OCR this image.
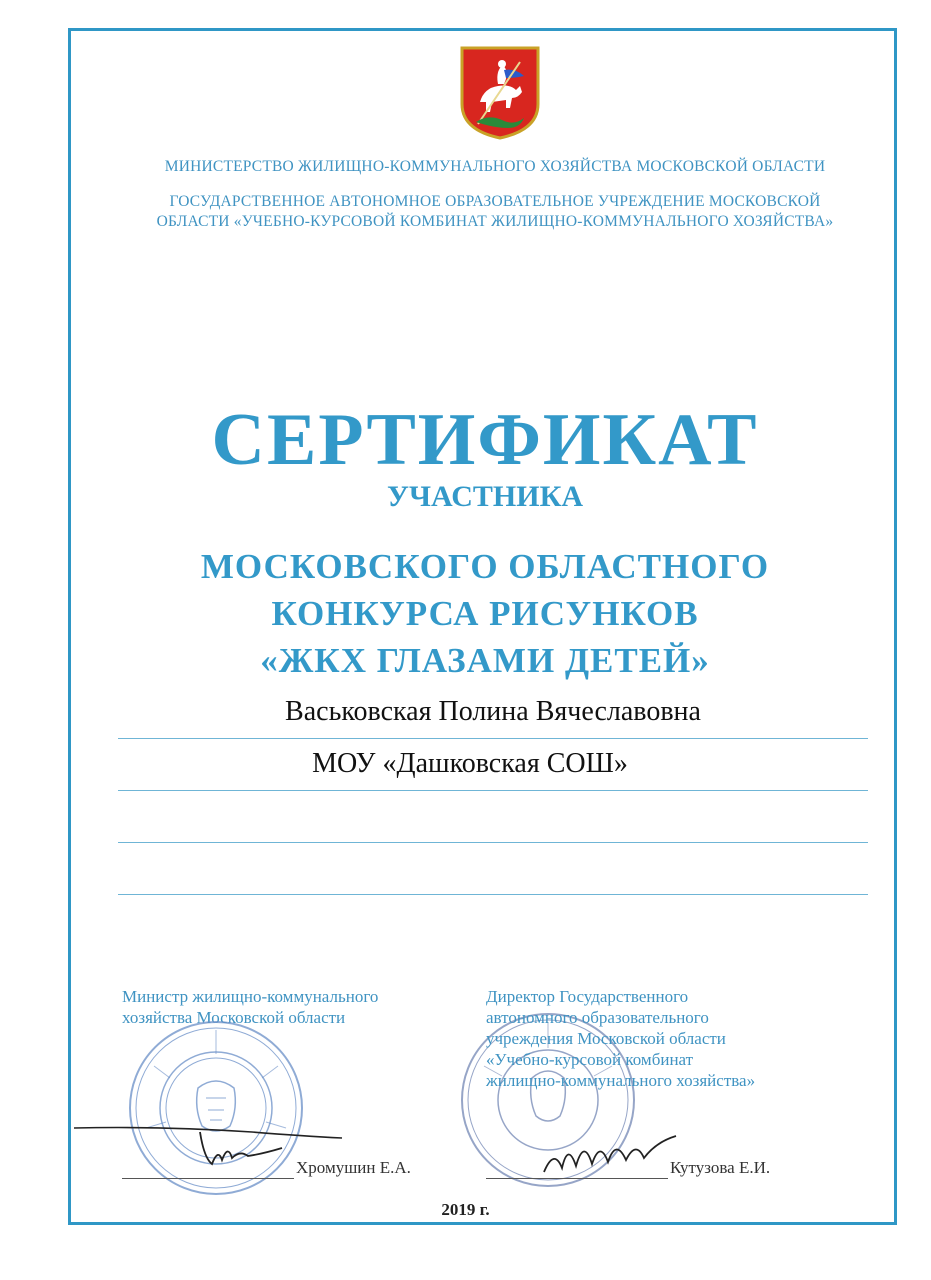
МИНИСТЕРСТВО ЖИЛИЩНО-КОММУНАЛЬНОГО ХОЗЯЙСТВА МОСКОВСКОЙ ОБЛАСТИ
ГОСУДАРСТВЕННОЕ АВТОНОМНОЕ ОБРАЗОВАТЕЛЬНОЕ УЧРЕЖДЕНИЕ МОСКОВСКОЙ
ОБЛАСТИ «УЧЕБНО-КУРСОВОЙ КОМБИНАТ ЖИЛИЩНО-КОММУНАЛЬНОГО ХОЗЯЙСТВА»
СЕРТИФИКАТ
УЧАСТНИКА
МОСКОВСКОГО ОБЛАСТНОГО
КОНКУРСА РИСУНКОВ
«ЖКХ ГЛАЗАМИ ДЕТЕЙ»
Васьковская Полина Вячеславовна
МОУ «Дашковская СОШ»
Министр жилищно-коммунального
хозяйства Московской области
Хромушин Е.А.
Директор Государственного
автономного образовательного
учреждения Московской области
«Учебно-курсовой комбинат
жилищно-коммунального хозяйства»
Кутузова Е.И.
2019 г.
